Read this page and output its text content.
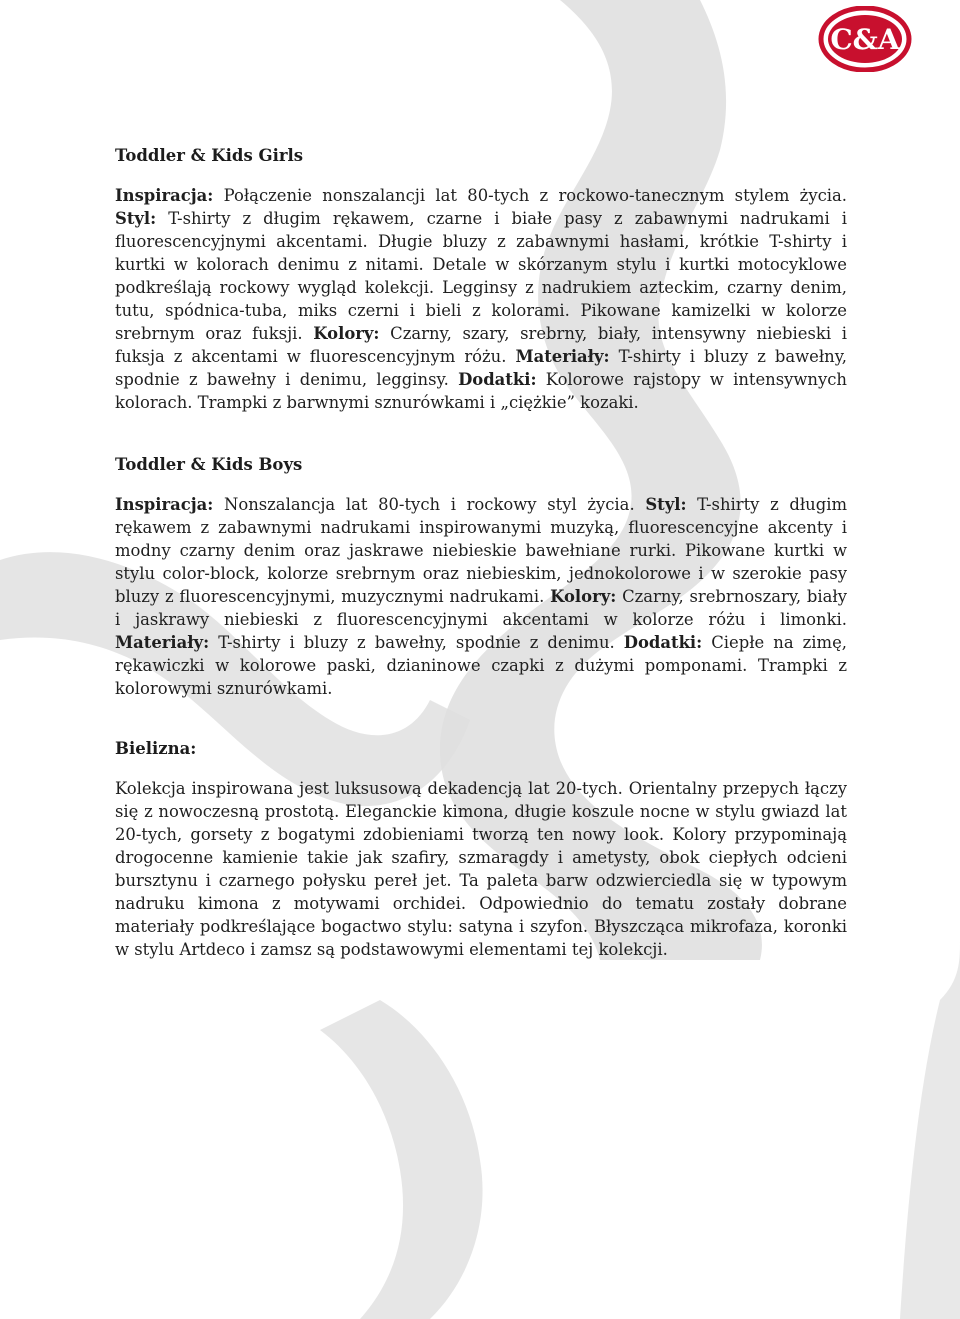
C&A
Toddler & Kids Girls

Inspiracja: Połączenie nonszalancji lat 80-tych z rockowo-tanecznym stylem życia. Styl: T-shirty z długim rękawem, czarne i białe pasy z zabawnymi nadrukami i fluorescencyjnymi akcentami. Długie bluzy z zabawnymi hasłami, krótkie T-shirty i kurtki w kolorach denimu z nitami. Detale w skórzanym stylu i kurtki motocyklowe podkreślają rockowy wygląd kolekcji. Legginsy z nadrukiem azteckim, czarny denim, tutu, spódnica-tuba, miks czerni i bieli z kolorami. Pikowane kamizelki w kolorze srebrnym oraz fuksji. Kolory: Czarny, szary, srebrny, biały, intensywny niebieski i fuksja z akcentami w fluorescencyjnym różu. Materiały: T-shirty i bluzy z bawełny, spodnie z bawełny i denimu, legginsy. Dodatki: Kolorowe rajstopy w intensywnych kolorach. Trampki z barwnymi sznurówkami i „ciężkie” kozaki.

Toddler & Kids Boys

Inspiracja: Nonszalancja lat 80-tych i rockowy styl życia. Styl: T-shirty z długim rękawem z zabawnymi nadrukami inspirowanymi muzyką, fluorescencyjne akcenty i modny czarny denim oraz jaskrawe niebieskie bawełniane rurki. Pikowane kurtki w stylu color-block, kolorze srebrnym oraz niebieskim, jednokolorowe i w szerokie pasy bluzy z fluorescencyjnymi, muzycznymi nadrukami. Kolory: Czarny, srebrnoszary, biały i jaskrawy niebieski z fluorescencyjnymi akcentami w kolorze różu i limonki. Materiały: T-shirty i bluzy z bawełny, spodnie z denimu. Dodatki: Ciepłe na zimę, rękawiczki w kolorowe paski, dzianinowe czapki z dużymi pomponami. Trampki z kolorowymi sznurówkami.

Bielizna:

Kolekcja inspirowana jest luksusową dekadencją lat 20-tych. Orientalny przepych łączy się z nowoczesną prostotą. Eleganckie kimona, długie koszule nocne w stylu gwiazd lat 20-tych, gorsety z bogatymi zdobieniami tworzą ten nowy look. Kolory przypominają drogocenne kamienie takie jak szafiry, szmaragdy i ametysty, obok ciepłych odcieni bursztynu i czarnego połysku pereł jet. Ta paleta barw odzwierciedla się w typowym nadruku kimona z motywami orchidei. Odpowiednio do tematu zostały dobrane materiały podkreślające bogactwo stylu: satyna i szyfon. Błyszcząca mikrofaza, koronki w stylu Artdeco i zamsz są podstawowymi elementami tej kolekcji.
